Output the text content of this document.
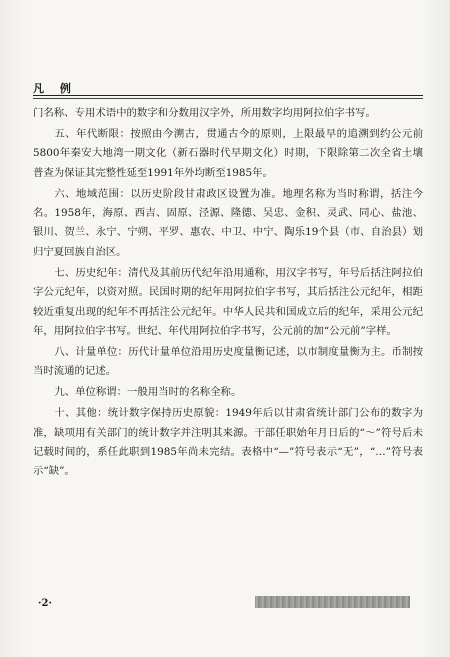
凡 例

门名称、专用术语中的数字和分数用汉字外，所用数字均用阿拉伯字书写。

五、年代断限：按照由今溯古，贯通古今的原则，上限最早的追溯到约公元前5800年秦安大地湾一期文化（新石器时代早期文化）时期，下限除第二次全省土壤普查为保证其完整性延至1991年外均断至1985年。

六、地域范围：以历史阶段甘肃政区设置为准。地理名称为当时称谓，括注今名。1958年，海原、西吉、固原、泾源、隆德、吴忠、金积、灵武、同心、盐池、银川、贺兰、永宁、宁朔、平罗、惠农、中卫、中宁、陶乐19个县（市、自治县）划归宁夏回族自治区。

七、历史纪年：清代及其前历代纪年沿用通称，用汉字书写，年号后括注阿拉伯字公元纪年，以资对照。民国时期的纪年用阿拉伯字书写，其后括注公元纪年，相距较近重复出现的纪年不再括注公元纪年。中华人民共和国成立后的纪年，采用公元纪年，用阿拉伯字书写。世纪、年代用阿拉伯字书写，公元前的加“公元前”字样。

八、计量单位：历代计量单位沿用历史度量衡记述，以市制度量衡为主。币制按当时流通的记述。

九、单位称谓：一般用当时的名称全称。

十、其他：统计数字保持历史原貌：1949年后以甘肃省统计部门公布的数字为准，缺项用有关部门的统计数字并注明其来源。干部任职始年月日后的“～”符号后未记载时间的，系任此职到1985年尚未完结。表格中“—”符号表示“无”，“…”符号表示“缺”。

·2·
